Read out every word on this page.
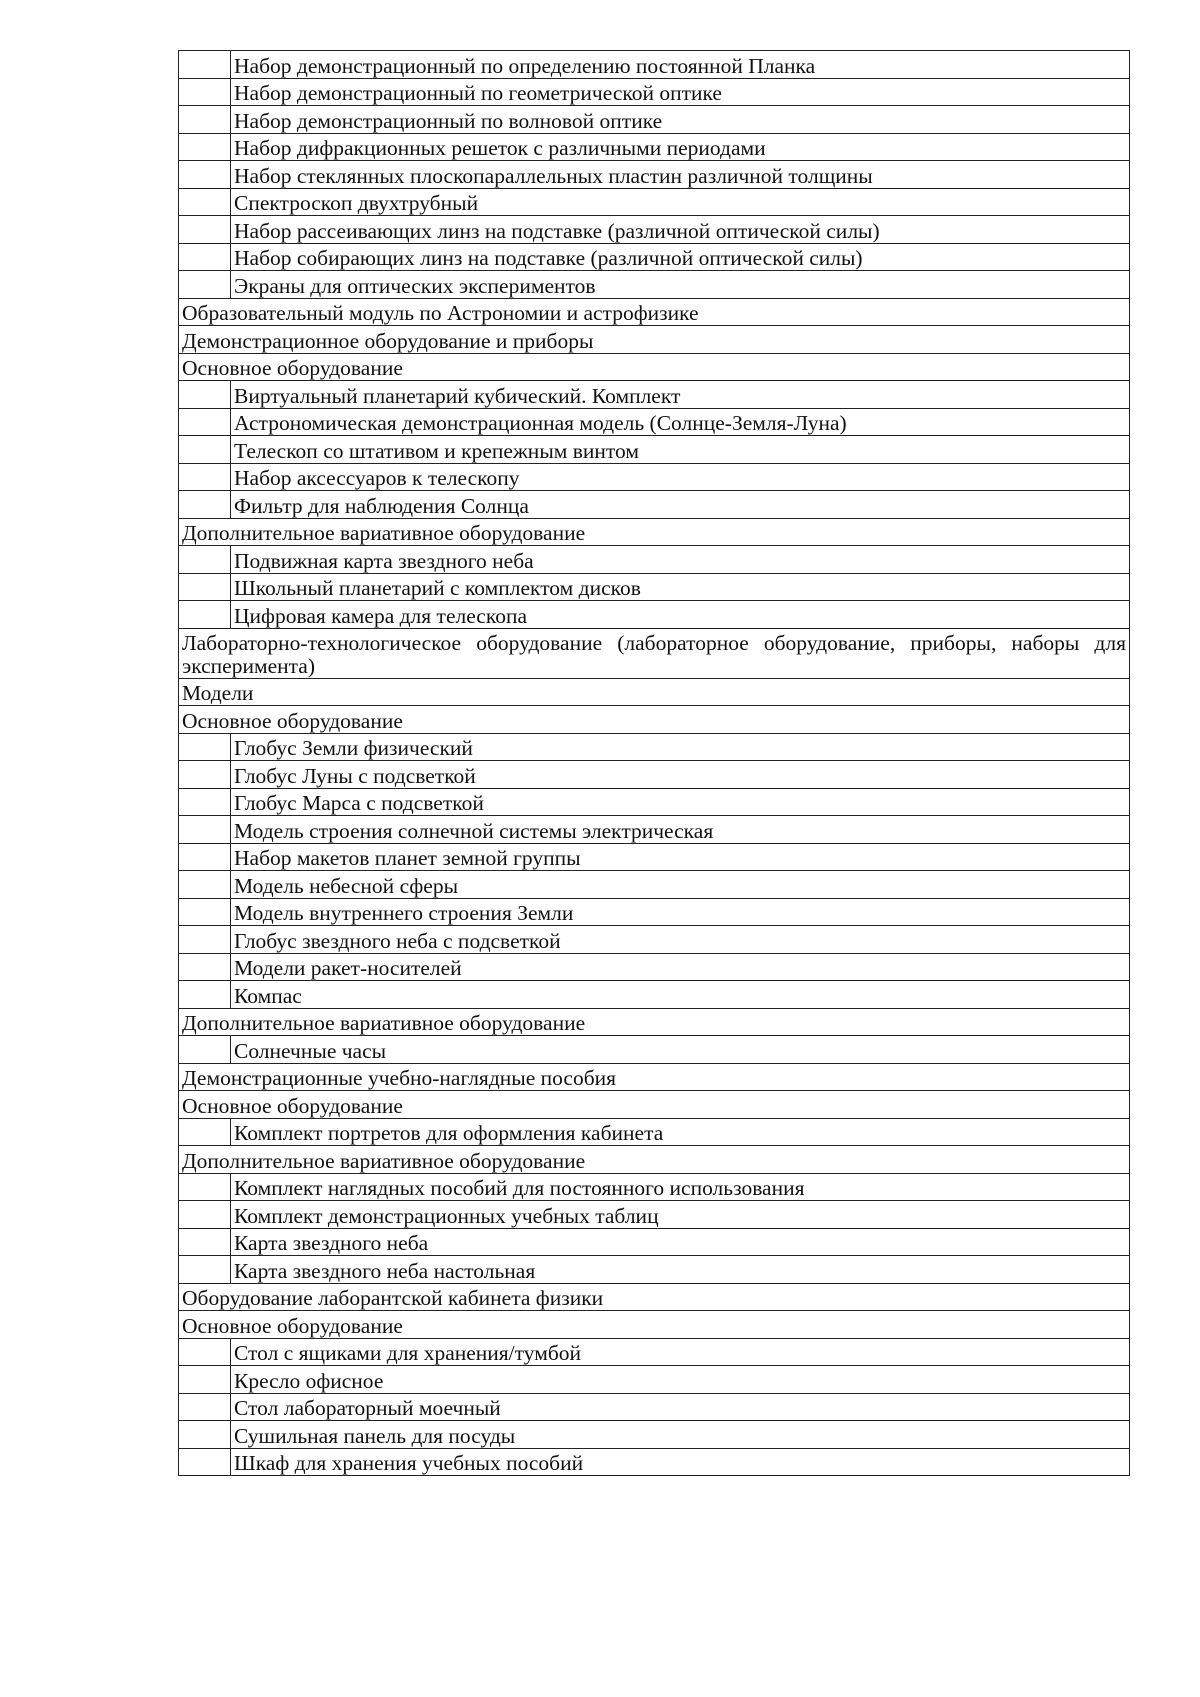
	Набор демонстрационный по определению постоянной Планка
	Набор демонстрационный по геометрической оптике
	Набор демонстрационный по волновой оптике
	Набор дифракционных решеток с различными периодами
	Набор стеклянных плоскопараллельных пластин различной толщины
	Спектроскоп двухтрубный
	Набор рассеивающих линз на подставке (различной оптической силы)
	Набор собирающих линз на подставке (различной оптической силы)
	Экраны для оптических экспериментов
Образовательный модуль по Астрономии и астрофизике	
Демонстрационное оборудование и приборы	
Основное оборудование	
	Виртуальный планетарий кубический. Комплект
	Астрономическая демонстрационная модель (Солнце-Земля-Луна)
	Телескоп со штативом и крепежным винтом
	Набор аксессуаров к телескопу
	Фильтр для наблюдения Солнца
Дополнительное вариативное оборудование	
	Подвижная карта звездного неба
	Школьный планетарий с комплектом дисков
	Цифровая камера для телескопа
Лабораторно-технологическое оборудование (лабораторное оборудование, приборы, наборы для эксперимента)	
Модели	
Основное оборудование	
	Глобус Земли физический
	Глобус Луны с подсветкой
	Глобус Марса с подсветкой
	Модель строения солнечной системы электрическая
	Набор макетов планет земной группы
	Модель небесной сферы
	Модель внутреннего строения Земли
	Глобус звездного неба с подсветкой
	Модели ракет-носителей
	Компас
Дополнительное вариативное оборудование	
	Солнечные часы
Демонстрационные учебно-наглядные пособия	
Основное оборудование	
	Комплект портретов для оформления кабинета
Дополнительное вариативное оборудование	
	Комплект наглядных пособий для постоянного использования
	Комплект демонстрационных учебных таблиц
	Карта звездного неба
	Карта звездного неба настольная
Оборудование лаборантской кабинета физики	
Основное оборудование	
	Стол с ящиками для хранения/тумбой
	Кресло офисное
	Стол лабораторный моечный
	Сушильная панель для посуды
	Шкаф для хранения учебных пособий
